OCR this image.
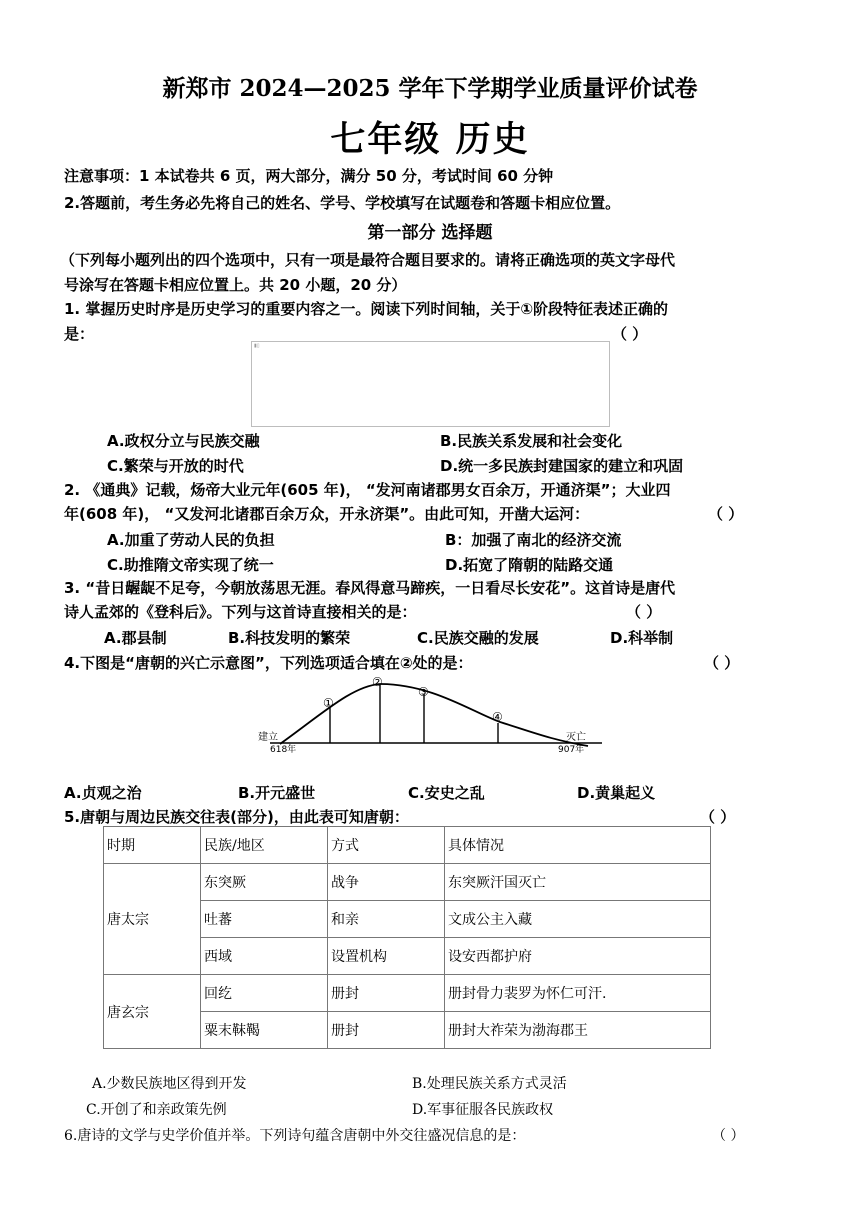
新郑市 2024—2025 学年下学期学业质量评价试卷
七年级 历史
注意事项：1 本试卷共 6 页，两大部分，满分 50 分，考试时间 60 分钟
2.答题前，考生务必先将自己的姓名、学号、学校填写在试题卷和答题卡相应位置。
第一部分 选择题
（下列每小题列出的四个选项中，只有一项是最符合题目要求的。请将正确选项的英文字母代
号涂写在答题卡相应位置上。共 20 小题，20 分）
1. 掌握历史时序是历史学习的重要内容之一。阅读下列时间轴，关于①阶段特征表述正确的
是：	（ ）
▮▯
A.政权分立与民族交融	B.民族关系发展和社会变化
C.繁荣与开放的时代	D.统一多民族封建国家的建立和巩固
2. 《通典》记载，炀帝大业元年(605 年)， “发河南诸郡男女百余万，开通济渠”；大业四
年(608 年)， “又发河北诸郡百余万众，开永济渠”。由此可知，开凿大运河：	（ ）
A.加重了劳动人民的负担	B：加强了南北的经济交流
C.助推隋文帝实现了统一	D.拓宽了隋朝的陆路交通
3. “昔日龌龊不足夸，今朝放荡思无涯。春风得意马蹄疾，一日看尽长安花”。这首诗是唐代
诗人孟郊的《登科后》。下列与这首诗直接相关的是：	（ ）
A.郡县制	B.科技发明的繁荣	C.民族交融的发展	D.科举制
4.下图是“唐朝的兴亡示意图”，下列选项适合填在②处的是：	（ ）
①
②
③
④
建立
618年
灭亡
907年
A.贞观之治	B.开元盛世	C.安史之乱	D.黄巢起义
5.唐朝与周边民族交往表(部分)，由此表可知唐朝：	（ ）
时期	民族/地区	方式	具体情况
唐太宗	东突厥	战争	东突厥汗国灭亡
	吐蕃	和亲	文成公主入藏
	西域	设置机构	设安西都护府
唐玄宗	回纥	册封	册封骨力裴罗为怀仁可汗.
	粟末靺鞨	册封	册封大祚荣为渤海郡王
A.少数民族地区得到开发	B.处理民族关系方式灵活
C.开创了和亲政策先例	D.军事征服各民族政权
6.唐诗的文学与史学价值并举。下列诗句蕴含唐朝中外交往盛况信息的是：	（ ）
